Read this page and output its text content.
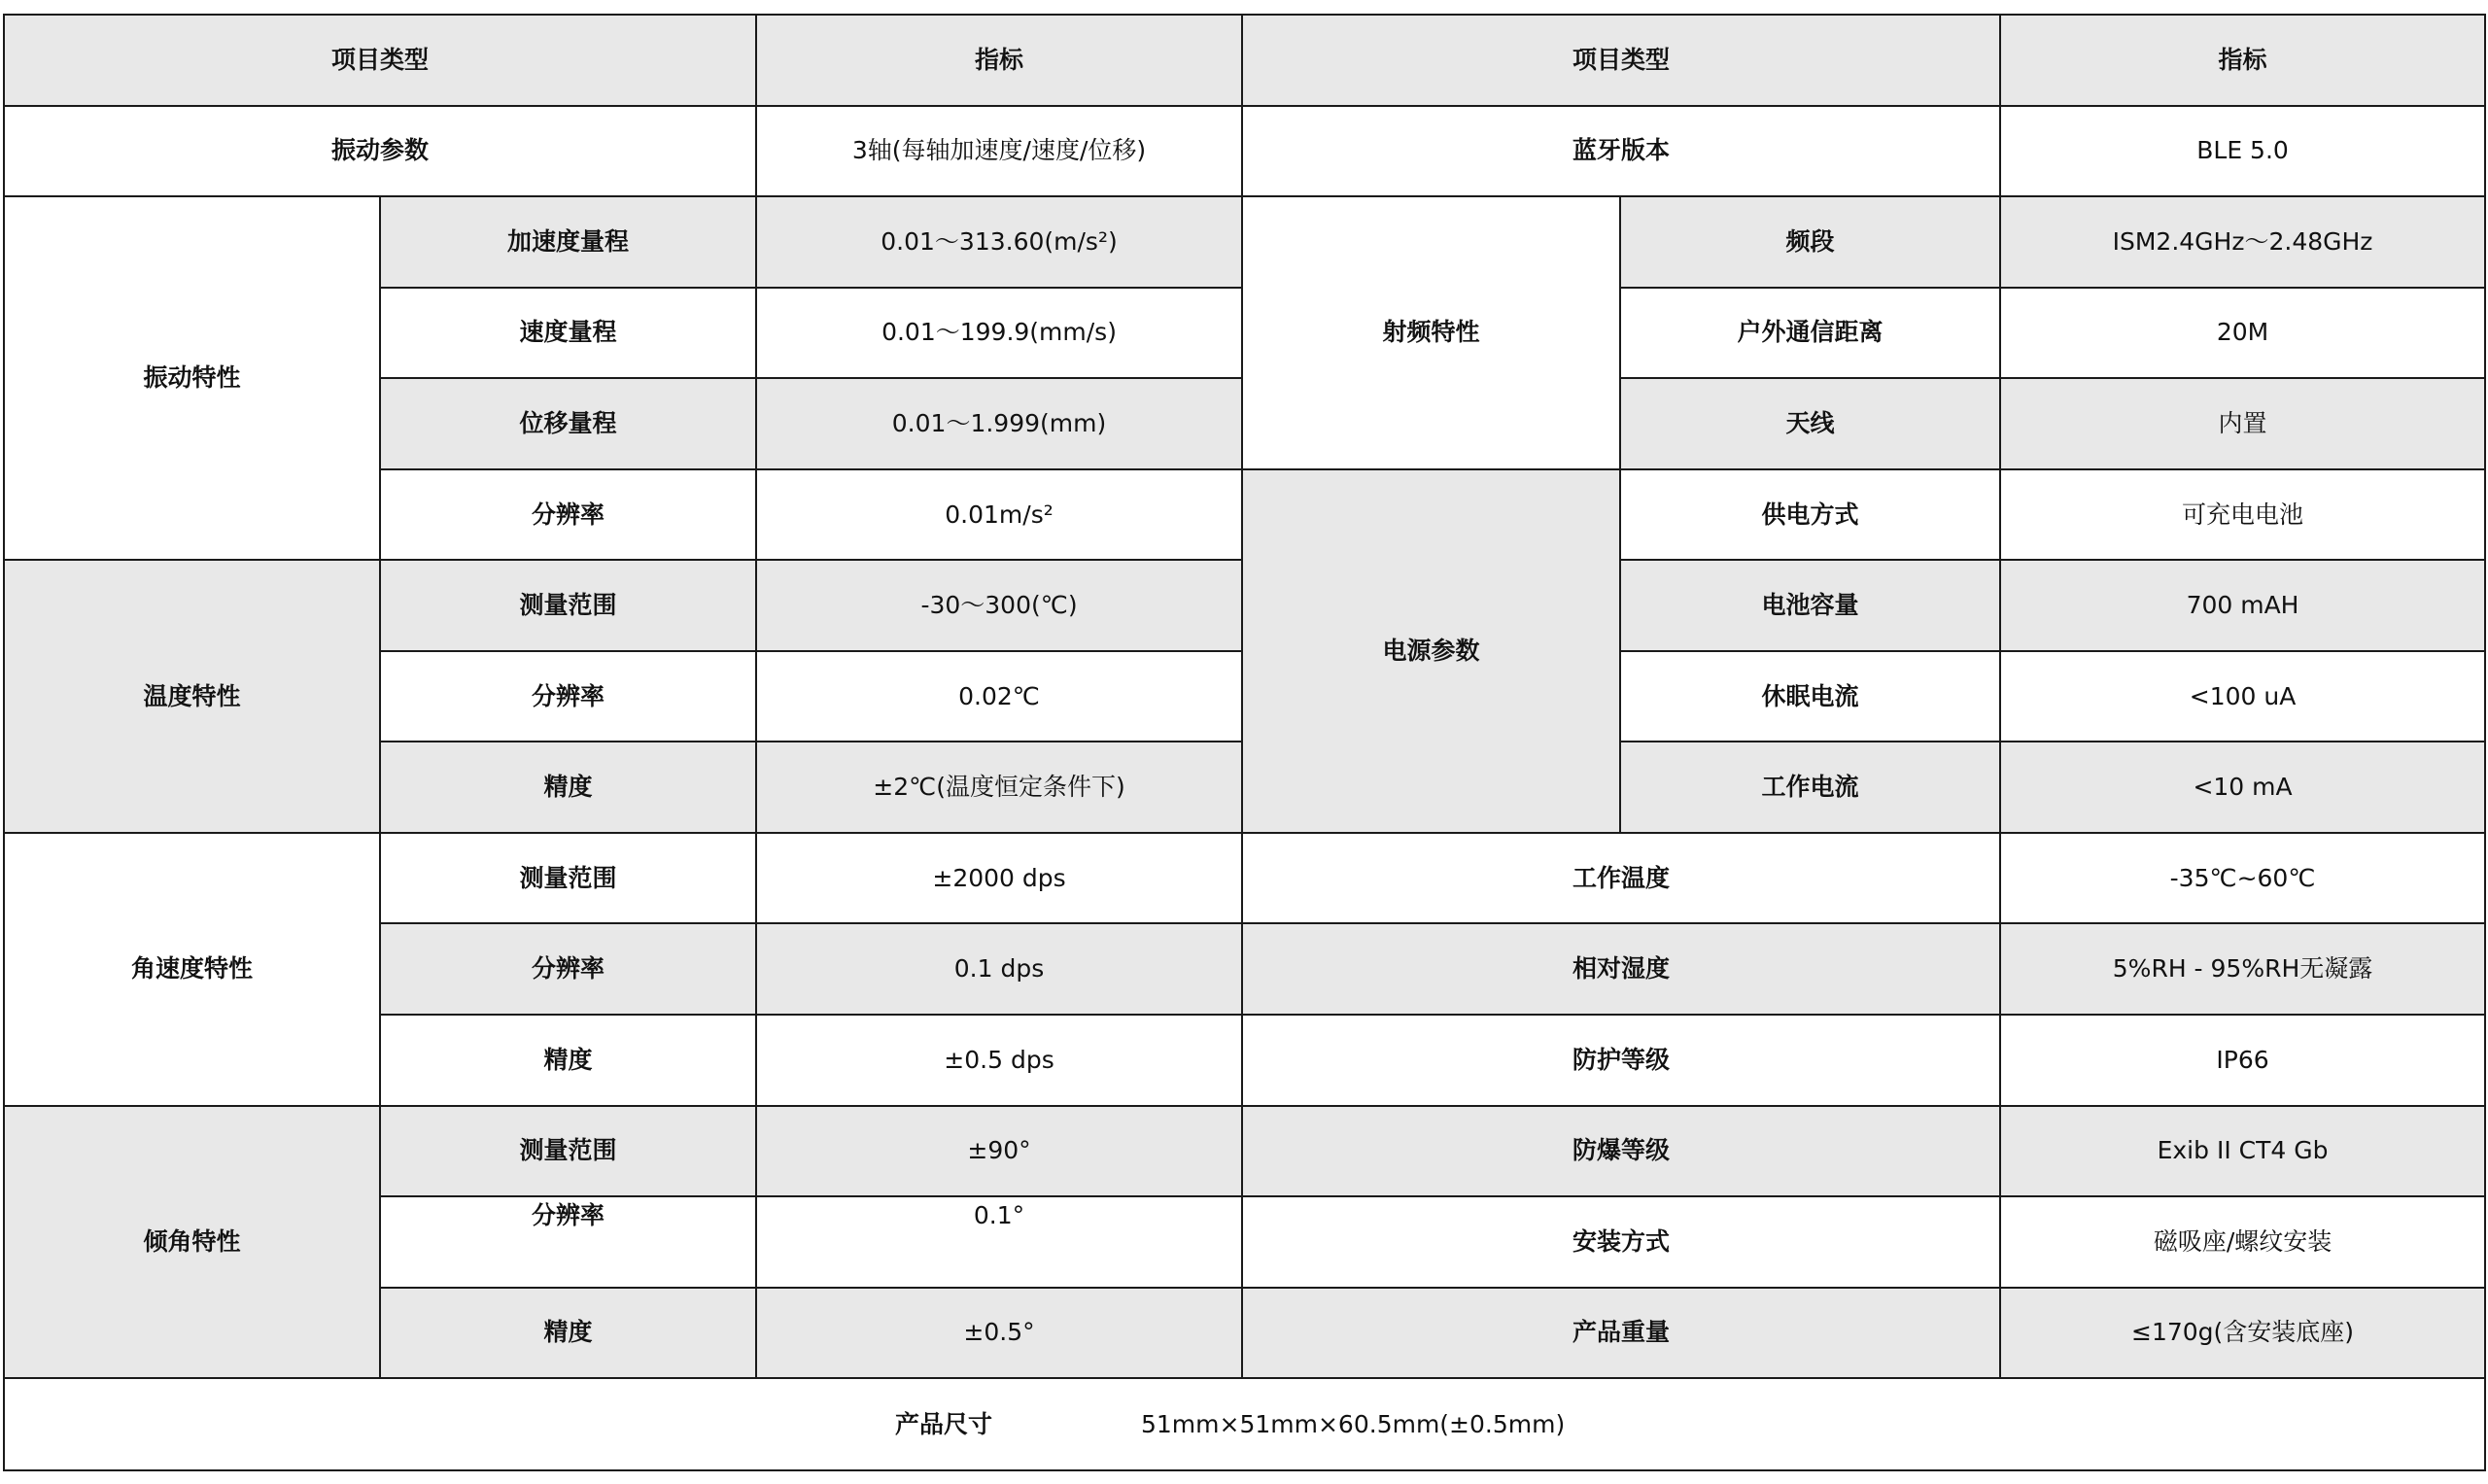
项目类型		指标	项目类型		指标
振动参数		3轴(每轴加速度/速度/位移)	蓝牙版本		BLE 5.0
振动特性	加速度量程	0.01～313.60(m/s²)	射频特性	频段	ISM2.4GHz～2.48GHz
	速度量程	0.01～199.9(mm/s)		户外通信距离	20M
	位移量程	0.01～1.999(mm)		天线	内置
	分辨率	0.01m/s²	电源参数	供电方式	可充电电池
温度特性	测量范围	-30～300(℃)		电池容量	700 mAH
	分辨率	0.02℃		休眠电流	<100 uA
	精度	±2℃(温度恒定条件下)		工作电流	<10 mA
角速度特性	测量范围	±2000 dps	工作温度		-35℃~60℃
	分辨率	0.1 dps	相对湿度		5%RH - 95%RH无凝露
	精度	±0.5 dps	防护等级		IP66
倾角特性	测量范围	±90°	防爆等级		Exib II CT4 Gb
	分辨率	0.1°	安装方式		磁吸座/螺纹安装
	精度	±0.5°	产品重量		≤170g(含安装底座)

产品尺寸 51mm×51mm×60.5mm(±0.5mm)					
